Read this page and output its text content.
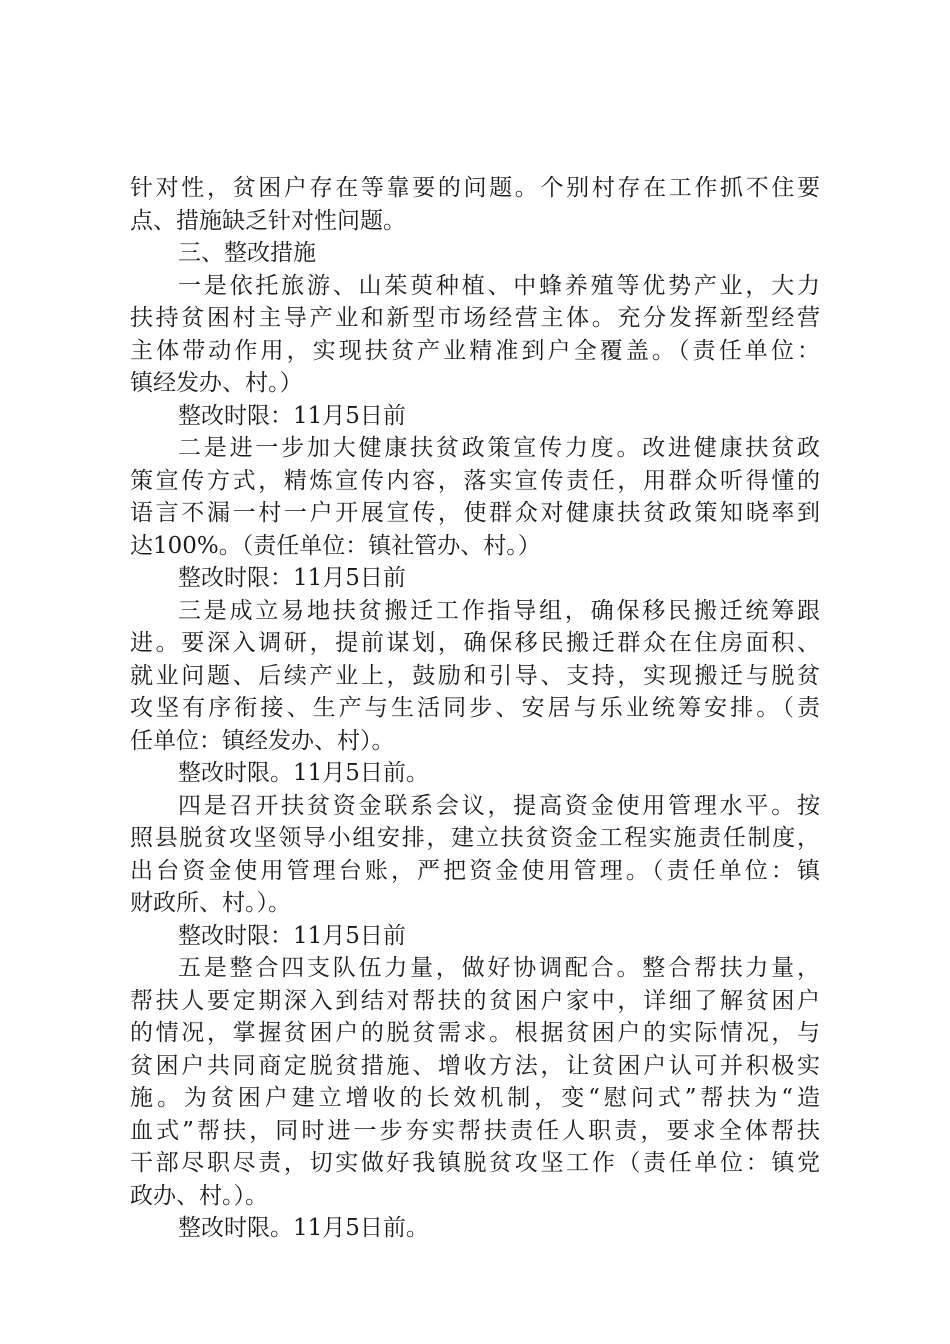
针对性，贫困户存在等靠要的问题。个别村存在工作抓不住要
点、措施缺乏针对性问题。
三、整改措施
一是依托旅游、山茱萸种植、中蜂养殖等优势产业，大力
扶持贫困村主导产业和新型市场经营主体。充分发挥新型经营
主体带动作用，实现扶贫产业精准到户全覆盖。（责任单位：
镇经发办、村。）
整改时限：11月5日前
二是进一步加大健康扶贫政策宣传力度。改进健康扶贫政
策宣传方式，精炼宣传内容，落实宣传责任，用群众听得懂的
语言不漏一村一户开展宣传，使群众对健康扶贫政策知晓率到
达100%。（责任单位：镇社管办、村。）
整改时限：11月5日前
三是成立易地扶贫搬迁工作指导组，确保移民搬迁统筹跟
进。要深入调研，提前谋划，确保移民搬迁群众在住房面积、
就业问题、后续产业上，鼓励和引导、支持，实现搬迁与脱贫
攻坚有序衔接、生产与生活同步、安居与乐业统筹安排。（责
任单位：镇经发办、村）。
整改时限。11月5日前。
四是召开扶贫资金联系会议，提高资金使用管理水平。按
照县脱贫攻坚领导小组安排，建立扶贫资金工程实施责任制度，
出台资金使用管理台账，严把资金使用管理。（责任单位：镇
财政所、村。）。
整改时限：11月5日前
五是整合四支队伍力量，做好协调配合。整合帮扶力量，
帮扶人要定期深入到结对帮扶的贫困户家中，详细了解贫困户
的情况，掌握贫困户的脱贫需求。根据贫困户的实际情况，与
贫困户共同商定脱贫措施、增收方法，让贫困户认可并积极实
施。为贫困户建立增收的长效机制，变“慰问式”帮扶为“造
血式”帮扶，同时进一步夯实帮扶责任人职责，要求全体帮扶
干部尽职尽责，切实做好我镇脱贫攻坚工作（责任单位：镇党
政办、村。）。
整改时限。11月5日前。
